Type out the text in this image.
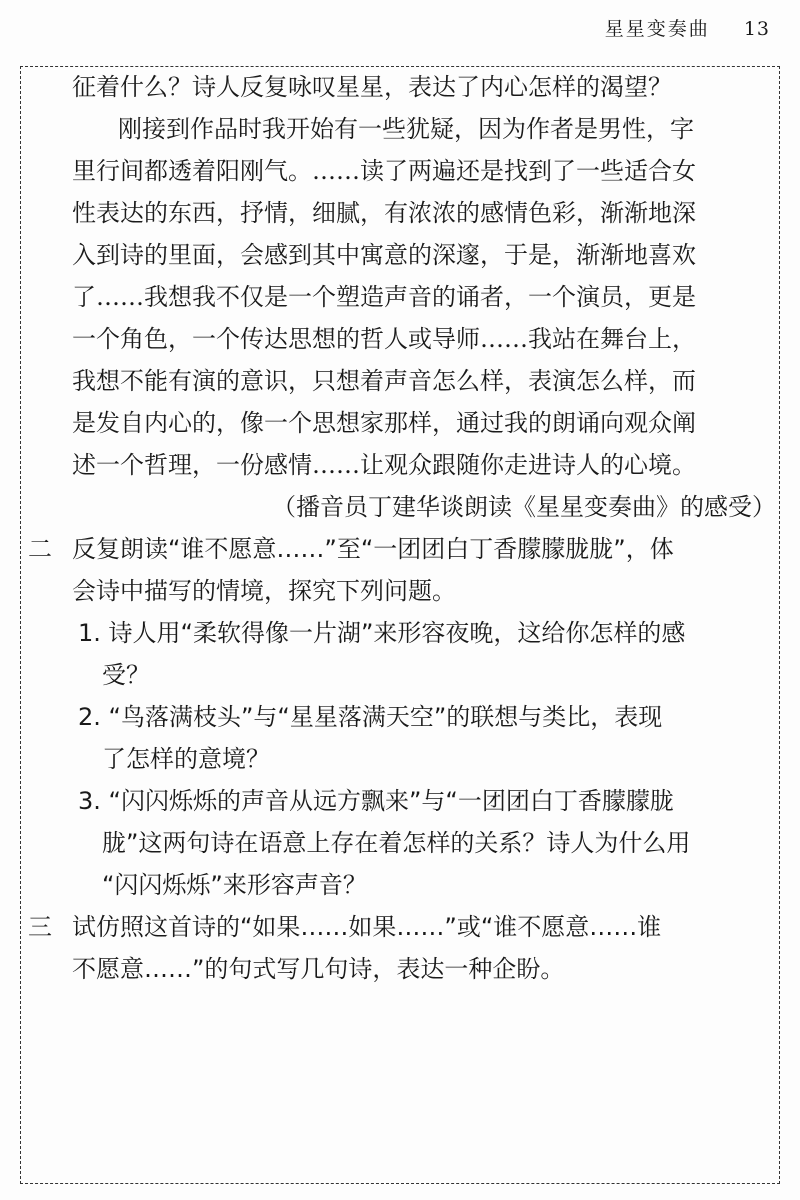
星星变奏曲 13
征着什么？诗人反复咏叹星星，表达了内心怎样的渴望？
刚接到作品时我开始有一些犹疑，因为作者是男性，字
里行间都透着阳刚气。……读了两遍还是找到了一些适合女
性表达的东西，抒情，细腻，有浓浓的感情色彩，渐渐地深
入到诗的里面，会感到其中寓意的深邃，于是，渐渐地喜欢
了……我想我不仅是一个塑造声音的诵者，一个演员，更是
一个角色，一个传达思想的哲人或导师……我站在舞台上，
我想不能有演的意识，只想着声音怎么样，表演怎么样，而
是发自内心的，像一个思想家那样，通过我的朗诵向观众阐
述一个哲理，一份感情……让观众跟随你走进诗人的心境。
（播音员丁建华谈朗读《星星变奏曲》的感受）
二 反复朗读“谁不愿意……”至“一团团白丁香朦朦胧胧”，体
会诗中描写的情境，探究下列问题。
1. 诗人用“柔软得像一片湖”来形容夜晚，这给你怎样的感
受？
2. “鸟落满枝头”与“星星落满天空”的联想与类比，表现
了怎样的意境？
3. “闪闪烁烁的声音从远方飘来”与“一团团白丁香朦朦胧
胧”这两句诗在语意上存在着怎样的关系？诗人为什么用
“闪闪烁烁”来形容声音？
三 试仿照这首诗的“如果……如果……”或“谁不愿意……谁
不愿意……”的句式写几句诗，表达一种企盼。
